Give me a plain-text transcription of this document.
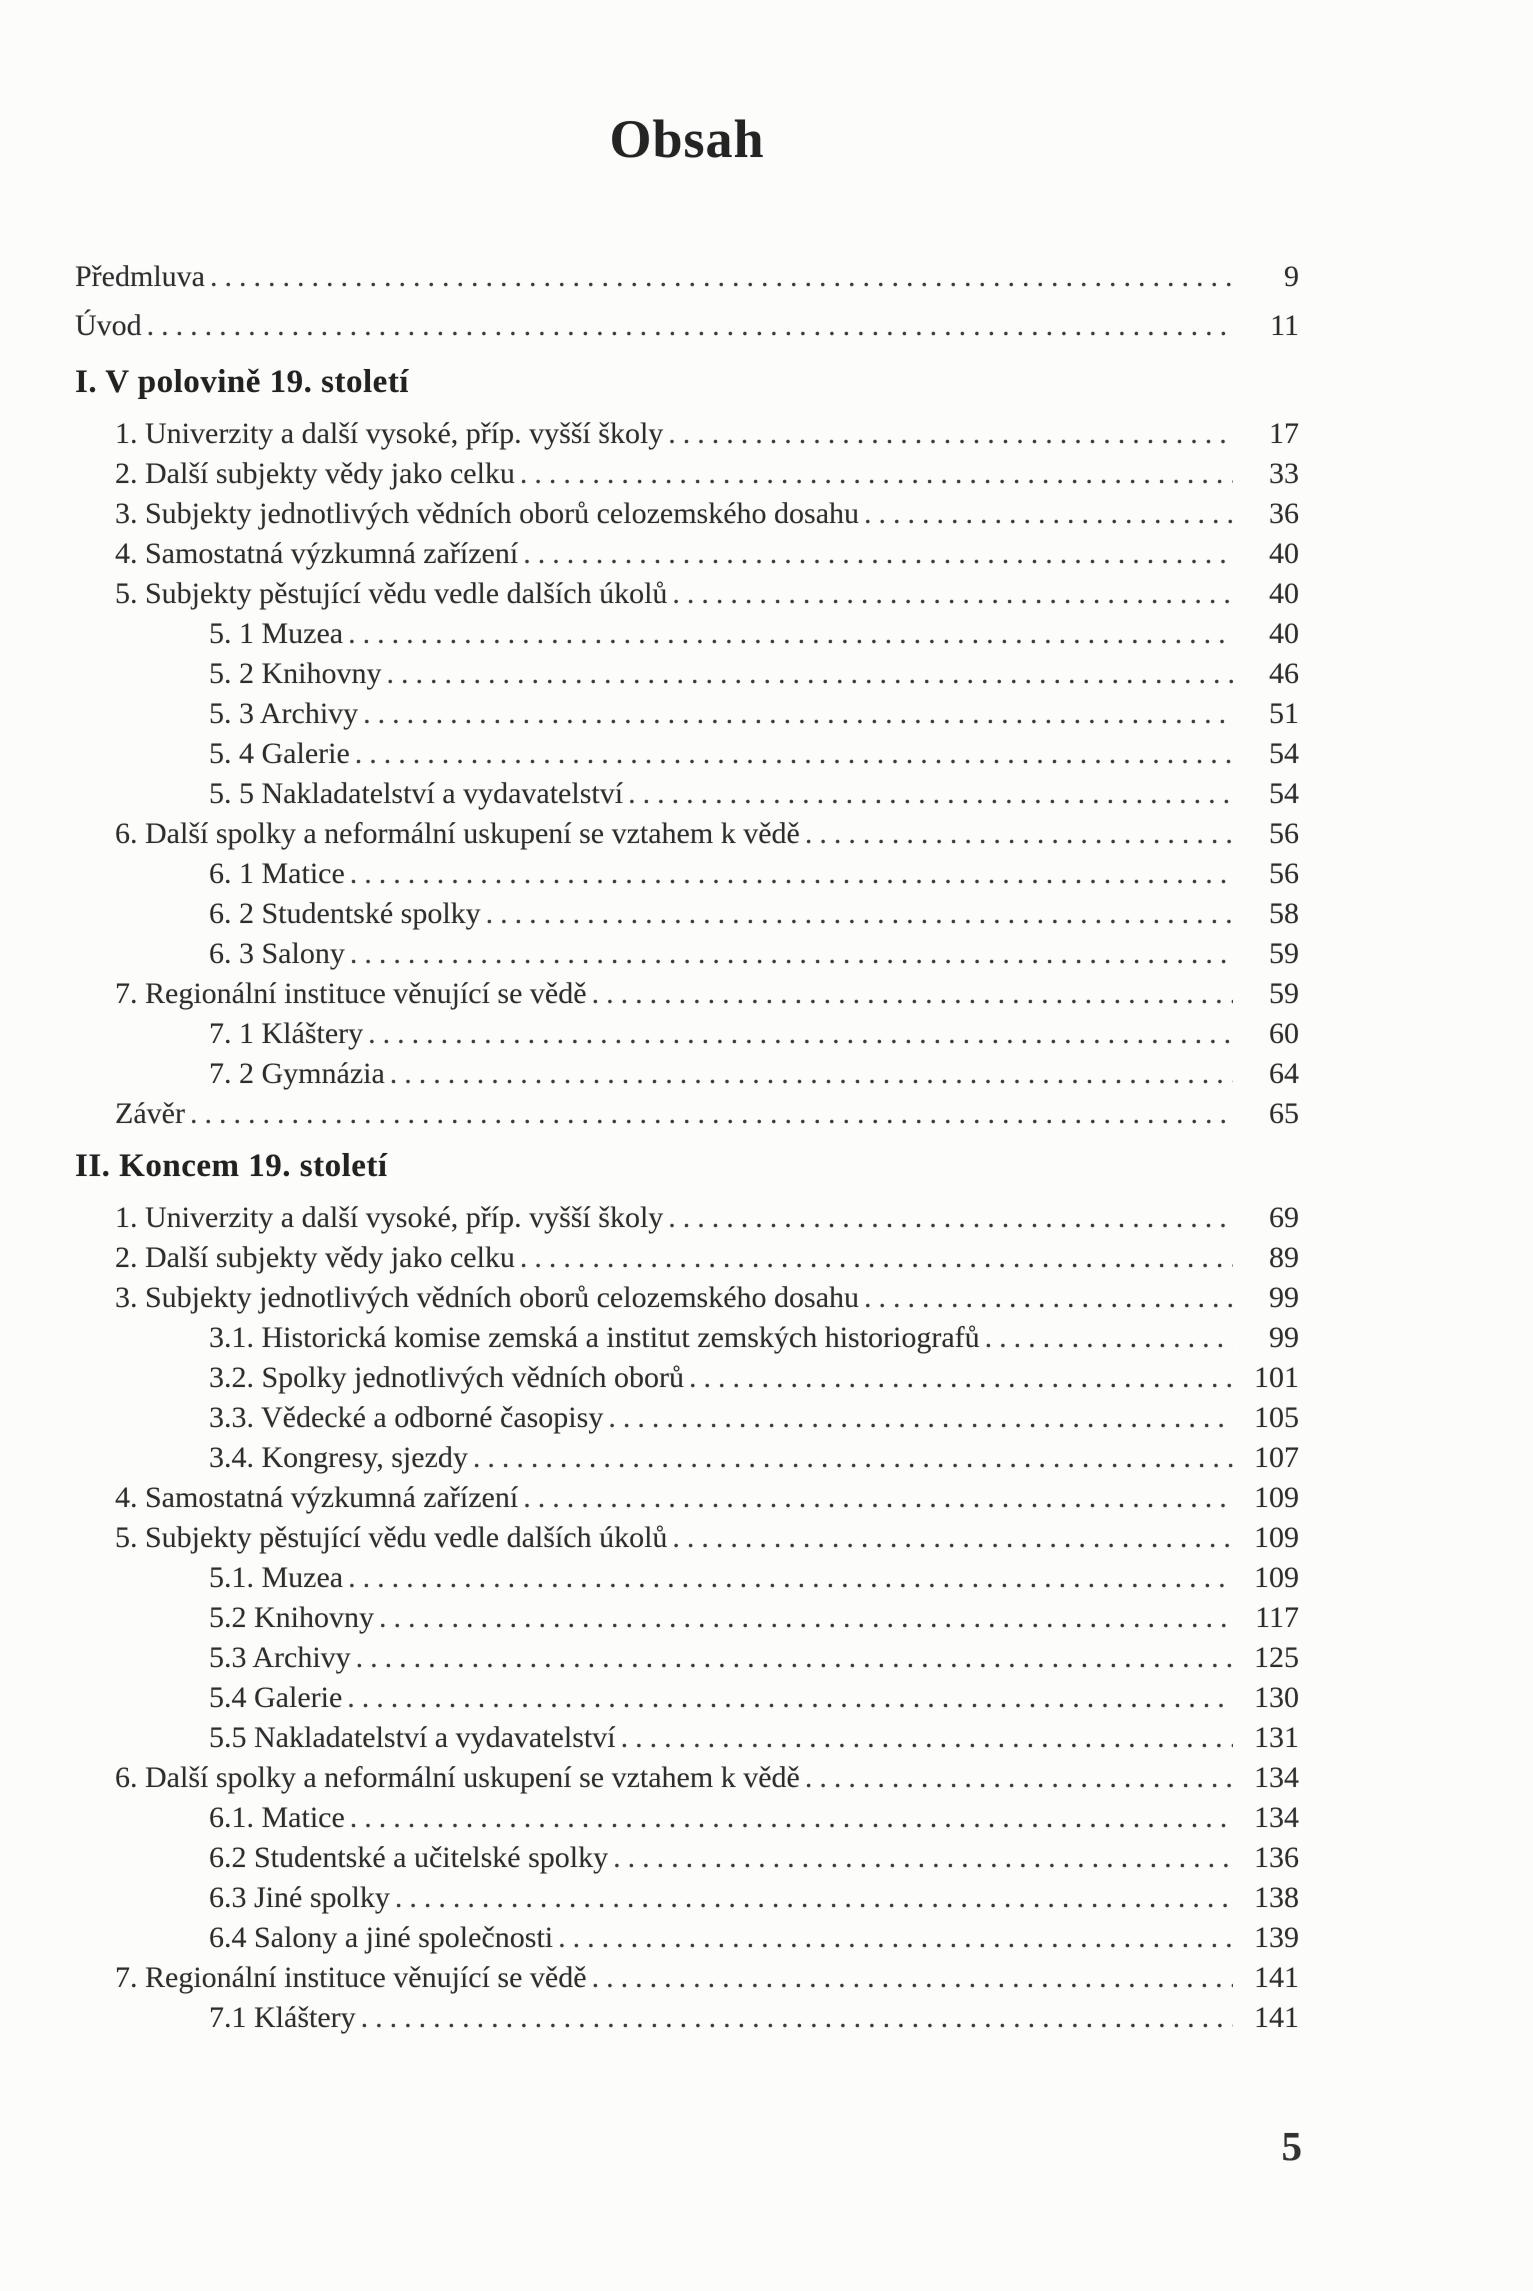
Obsah
Předmluva .....	9
Úvod .....	11
I. V polovině 19. století
1. Univerzity a další vysoké, příp. vyšší školy .....	17
2. Další subjekty vědy jako celku .....	33
3. Subjekty jednotlivých vědních oborů celozemského dosahu .....	36
4. Samostatná výzkumná zařízení .....	40
5. Subjekty pěstující vědu vedle dalších úkolů .....	40
5. 1 Muzea .....	40
5. 2 Knihovny .....	46
5. 3 Archivy .....	51
5. 4 Galerie .....	54
5. 5 Nakladatelství a vydavatelství .....	54
6. Další spolky a neformální uskupení se vztahem k vědě .....	56
6. 1 Matice .....	56
6. 2 Studentské spolky .....	58
6. 3 Salony .....	59
7. Regionální instituce věnující se vědě .....	59
7. 1 Kláštery .....	60
7. 2 Gymnázia .....	64
Závěr .....	65
II. Koncem 19. století
1. Univerzity a další vysoké, příp. vyšší školy .....	69
2. Další subjekty vědy jako celku .....	89
3. Subjekty jednotlivých vědních oborů celozemského dosahu .....	99
3.1. Historická komise zemská a institut zemských historiografů .....	99
3.2. Spolky jednotlivých vědních oborů .....	101
3.3. Vědecké a odborné časopisy .....	105
3.4. Kongresy, sjezdy .....	107
4. Samostatná výzkumná zařízení .....	109
5. Subjekty pěstující vědu vedle dalších úkolů .....	109
5.1. Muzea .....	109
5.2 Knihovny .....	117
5.3 Archivy .....	125
5.4 Galerie .....	130
5.5 Nakladatelství a vydavatelství .....	131
6. Další spolky a neformální uskupení se vztahem k vědě .....	134
6.1. Matice .....	134
6.2 Studentské a učitelské spolky .....	136
6.3 Jiné spolky .....	138
6.4 Salony a jiné společnosti .....	139
7. Regionální instituce věnující se vědě .....	141
7.1 Kláštery .....	141
5
